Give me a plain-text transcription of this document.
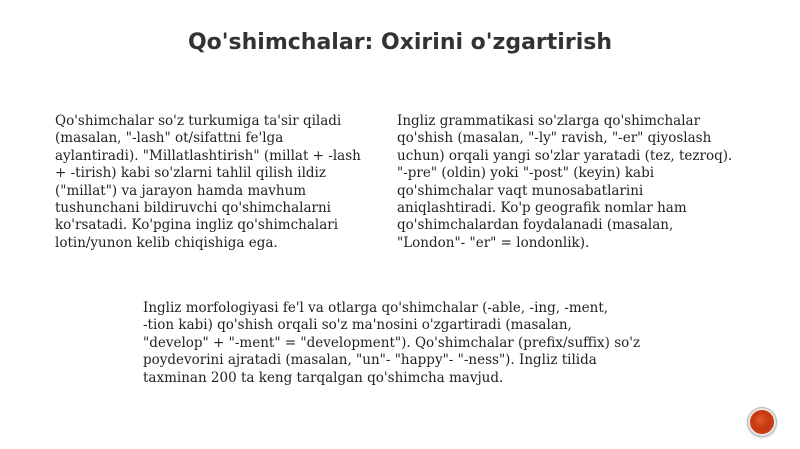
Qo'shimchalar: Oxirini o'zgartirish

Qo'shimchalar so'z turkumiga ta'sir qiladi
(masalan, "-lash" ot/sifattni fe'lga
aylantiradi). "Millatlashtirish" (millat + -lash
+ -tirish) kabi so'zlarni tahlil qilish ildiz
("millat") va jarayon hamda mavhum
tushunchani bildiruvchi qo'shimchalarni
ko'rsatadi. Ko'pgina ingliz qo'shimchalari
lotin/yunon kelib chiqishiga ega.

Ingliz grammatikasi so'zlarga qo'shimchalar
qo'shish (masalan, "-ly" ravish, "-er" qiyoslash
uchun) orqali yangi so'zlar yaratadi (tez, tezroq).
"-pre" (oldin) yoki "-post" (keyin) kabi
qo'shimchalar vaqt munosabatlarini
aniqlashtiradi. Ko'p geografik nomlar ham
qo'shimchalardan foydalanadi (masalan,
"London"- "er" = londonlik).

Ingliz morfologiyasi fe'l va otlarga qo'shimchalar (-able, -ing, -ment,
-tion kabi) qo'shish orqali so'z ma'nosini o'zgartiradi (masalan,
"develop" + "-ment" = "development"). Qo'shimchalar (prefix/suffix) so'z
poydevorini ajratadi (masalan, "un"- "happy"- "-ness"). Ingliz tilida
taxminan 200 ta keng tarqalgan qo'shimcha mavjud.
